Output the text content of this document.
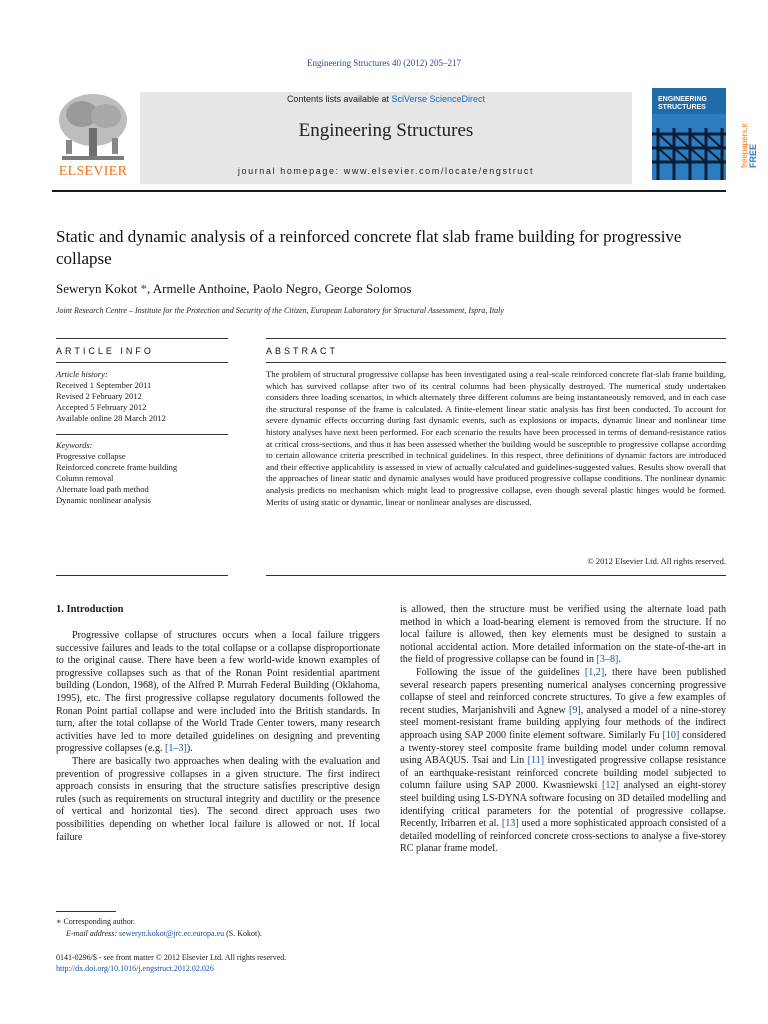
Engineering Structures 40 (2012) 205–217
ELSEVIER
Contents lists available at SciVerse ScienceDirect
Engineering Structures
journal homepage: www.elsevier.com/locate/engstruct
ENGINEERING STRUCTURES
freepapers.ir FREE
Static and dynamic analysis of a reinforced concrete flat slab frame building for progressive collapse
Seweryn Kokot *, Armelle Anthoine, Paolo Negro, George Solomos
Joint Research Centre – Institute for the Protection and Security of the Citizen, European Laboratory for Structural Assessment, Ispra, Italy
ARTICLE INFO	ABSTRACT
Article history:
Received 1 September 2011
Revised 2 February 2012
Accepted 5 February 2012
Available online 28 March 2012
Keywords:
Progressive collapse
Reinforced concrete frame building
Column removal
Alternate load path method
Dynamic nonlinear analysis
The problem of structural progressive collapse has been investigated using a real-scale reinforced concrete flat-slab frame building, which has survived collapse after two of its central columns had been physically destroyed. The numerical study undertaken considers three loading scenarios, in which alternately three different columns are being instantaneously removed, and in each case the structural response of the frame is calculated. A finite-element linear static analysis has first been conducted. To account for severe dynamic effects occurring during fast dynamic events, such as explosions or impacts, dynamic linear and nonlinear time history analyses have next been performed. For each scenario the results have been processed in terms of demand-resistance ratios at critical cross-sections, and thus it has been assessed whether the building would be susceptible to progressive collapse according to certain allowance criteria prescribed in technical guidelines. In this respect, three definitions of dynamic factors are introduced and their effective applicability is assessed in view of actually calculated and guidelines-suggested values. Results show overall that the approaches of linear static and dynamic analyses would have produced progressive collapse conditions. The nonlinear dynamic analysis predicts no mechanism which might lead to progressive collapse, even though several plastic hinges would be formed. Merits of using static or dynamic, linear or nonlinear analyses are discussed.
© 2012 Elsevier Ltd. All rights reserved.
1. Introduction

Progressive collapse of structures occurs when a local failure triggers successive failures and leads to the total collapse or a collapse disproportionate to the original cause. There have been a few world-wide known examples of progressive collapses such as that of the Ronan Point residential apartment building (London, 1968), of the Alfred P. Murrah Federal Building (Oklahoma, 1995), etc. The first progressive collapse regulatory documents followed the Ronan Point partial collapse and were included into the British standards. In turn, after the total collapse of the World Trade Center towers, many research activities have led to more detailed guidelines on designing and preventing progressive collapses (e.g. [1–3]).

There are basically two approaches when dealing with the evaluation and prevention of progressive collapses in a given structure. The first indirect approach consists in ensuring that the structure satisfies prescriptive design rules (such as requirements on structural integrity and ductility or the presence of vertical and horizontal ties). The second direct approach uses two possibilities depending on whether local failure is allowed or not. If local failure

is allowed, then the structure must be verified using the alternate load path method in which a load-bearing element is removed from the structure. If no local failure is allowed, then key elements must be designed to sustain a notional accidental action. More detailed information on the state-of-the-art in the field of progressive collapse can be found in [3–8].

Following the issue of the guidelines [1,2], there have been published several research papers presenting numerical analyses concerning progressive collapse of steel and reinforced concrete structures. To give a few examples of recent studies, Marjanishvili and Agnew [9], analysed a model of a nine-storey steel moment-resistant frame building applying four methods of the indirect approach using SAP 2000 finite element software. Similarly Fu [10] considered a twenty-storey steel composite frame building model under column removal using ABAQUS. Tsai and Lin [11] investigated progressive collapse resistance of an earthquake-resistant reinforced concrete building model subjected to column failure using SAP 2000. Kwasniewski [12] analysed an eight-storey steel building using LS-DYNA software focusing on 3D detailed modelling and identifying critical parameters for the potential of progressive collapse. Recently, Iribarren et al. [13] used a more sophisticated approach consisted of a detailed modelling of reinforced concrete cross-sections to analyse a five-storey RC planar frame model.

∗ Corresponding author.
E-mail address: seweryn.kokot@jrc.ec.europa.eu (S. Kokot).
0141-0296/$ - see front matter © 2012 Elsevier Ltd. All rights reserved.
http://dx.doi.org/10.1016/j.engstruct.2012.02.026
